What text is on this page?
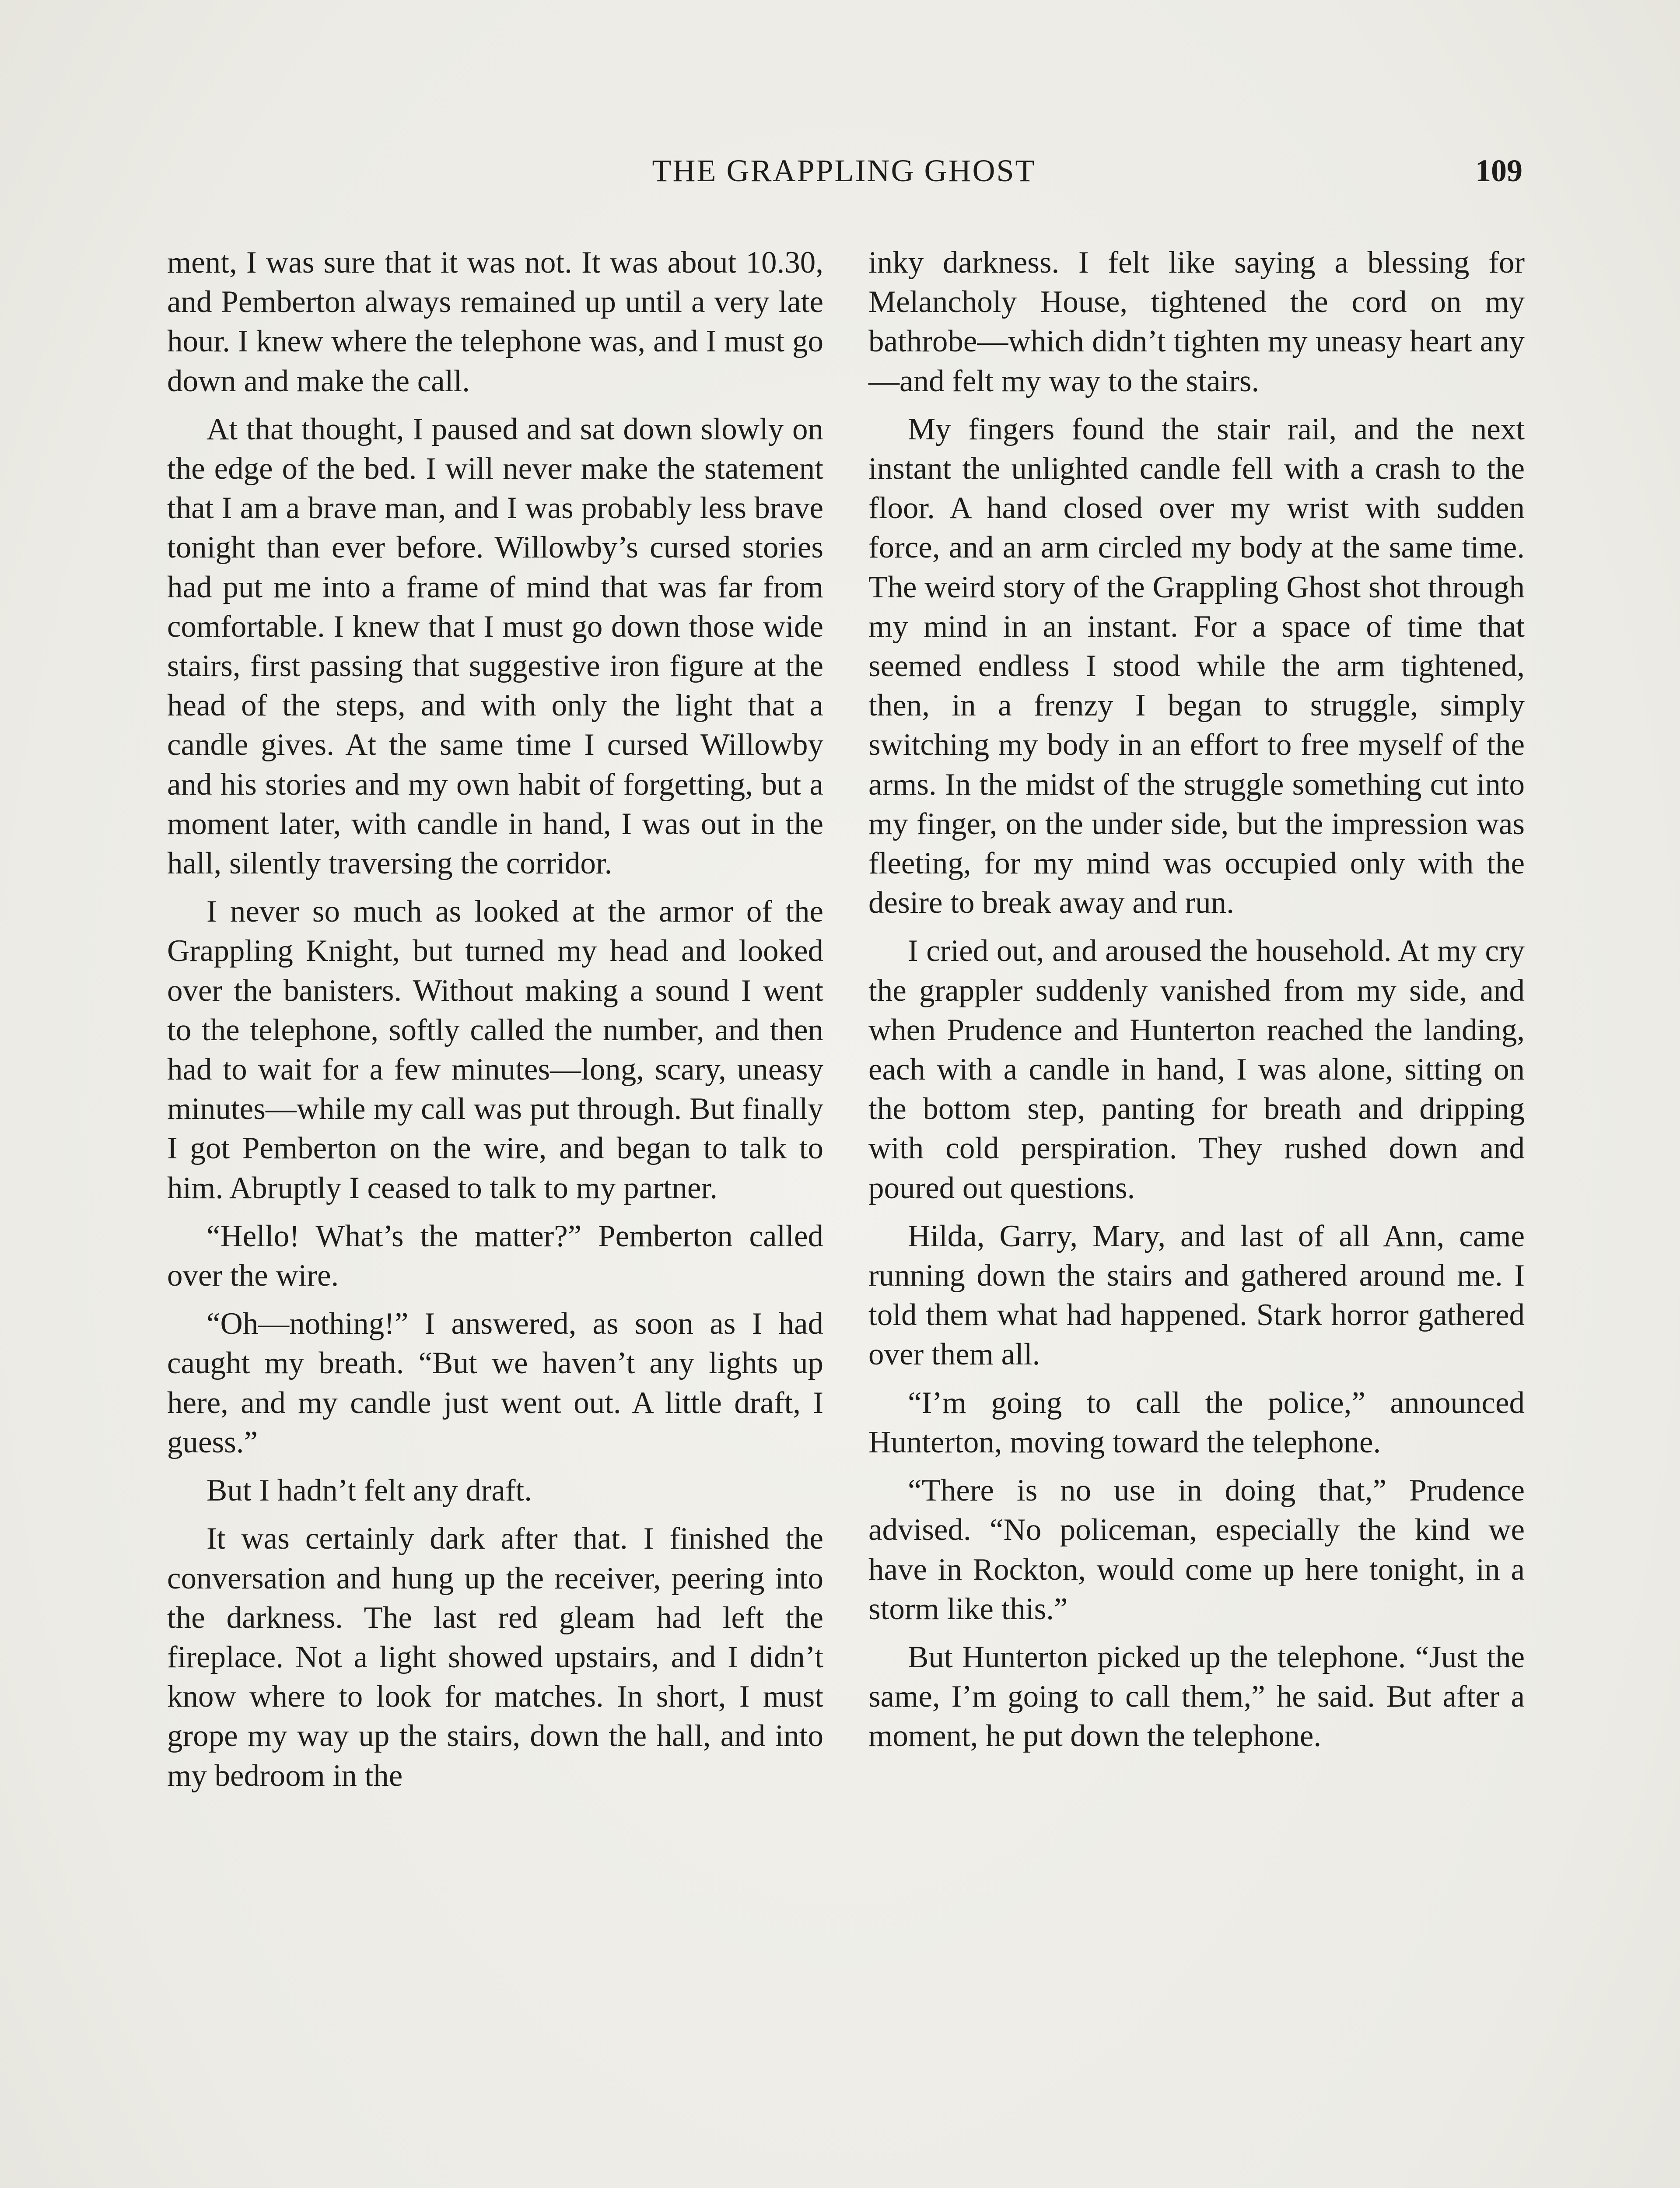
THE GRAPPLING GHOST	109

ment, I was sure that it was not. It was about 10.30, and Pemberton always remained up until a very late hour. I knew where the telephone was, and I must go down and make the call.

At that thought, I paused and sat down slowly on the edge of the bed. I will never make the statement that I am a brave man, and I was probably less brave tonight than ever before. Willowby’s cursed stories had put me into a frame of mind that was far from comfortable. I knew that I must go down those wide stairs, first passing that suggestive iron figure at the head of the steps, and with only the light that a candle gives. At the same time I cursed Willowby and his stories and my own habit of forgetting, but a moment later, with candle in hand, I was out in the hall, silently traversing the corridor.

I never so much as looked at the armor of the Grappling Knight, but turned my head and looked over the banisters. Without making a sound I went to the telephone, softly called the number, and then had to wait for a few minutes—long, scary, uneasy minutes—while my call was put through. But finally I got Pemberton on the wire, and began to talk to him. Abruptly I ceased to talk to my partner.

“Hello! What’s the matter?” Pemberton called over the wire.

“Oh—nothing!” I answered, as soon as I had caught my breath. “But we haven’t any lights up here, and my candle just went out. A little draft, I guess.”

But I hadn’t felt any draft.

It was certainly dark after that. I finished the conversation and hung up the receiver, peering into the darkness. The last red gleam had left the fireplace. Not a light showed upstairs, and I didn’t know where to look for matches. In short, I must grope my way up the stairs, down the hall, and into my bedroom in the

inky darkness. I felt like saying a blessing for Melancholy House, tightened the cord on my bathrobe—which didn’t tighten my uneasy heart any—and felt my way to the stairs.

My fingers found the stair rail, and the next instant the unlighted candle fell with a crash to the floor. A hand closed over my wrist with sudden force, and an arm circled my body at the same time. The weird story of the Grappling Ghost shot through my mind in an instant. For a space of time that seemed endless I stood while the arm tightened, then, in a frenzy I began to struggle, simply switching my body in an effort to free myself of the arms. In the midst of the struggle something cut into my finger, on the under side, but the impression was fleeting, for my mind was occupied only with the desire to break away and run.

I cried out, and aroused the household. At my cry the grappler suddenly vanished from my side, and when Prudence and Hunterton reached the landing, each with a candle in hand, I was alone, sitting on the bottom step, panting for breath and dripping with cold perspiration. They rushed down and poured out questions.

Hilda, Garry, Mary, and last of all Ann, came running down the stairs and gathered around me. I told them what had happened. Stark horror gathered over them all.

“I’m going to call the police,” announced Hunterton, moving toward the telephone.

“There is no use in doing that,” Prudence advised. “No policeman, especially the kind we have in Rockton, would come up here tonight, in a storm like this.”

But Hunterton picked up the telephone. “Just the same, I’m going to call them,” he said. But after a moment, he put down the telephone.
